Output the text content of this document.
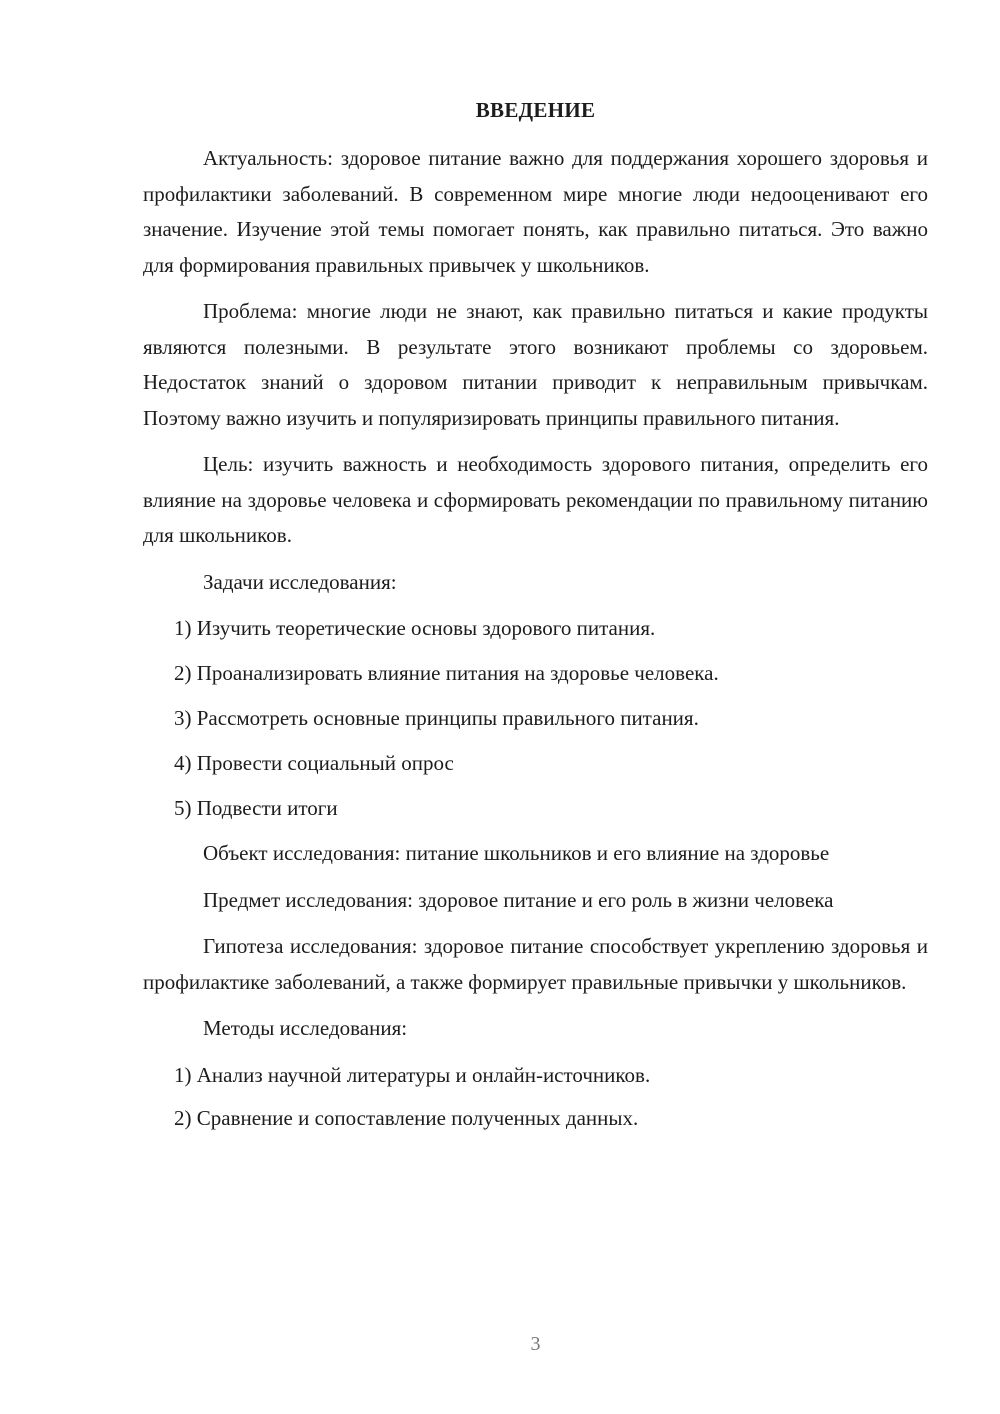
ВВЕДЕНИЕ

Актуальность: здоровое питание важно для поддержания хорошего здоровья и профилактики заболеваний. В современном мире многие люди недооценивают его значение. Изучение этой темы помогает понять, как правильно питаться. Это важно для формирования правильных привычек у школьников.

Проблема: многие люди не знают, как правильно питаться и какие продукты являются полезными. В результате этого возникают проблемы со здоровьем. Недостаток знаний о здоровом питании приводит к неправильным привычкам. Поэтому важно изучить и популяризировать принципы правильного питания.

Цель: изучить важность и необходимость здорового питания, определить его влияние на здоровье человека и сформировать рекомендации по правильному питанию для школьников.

Задачи исследования:

1) Изучить теоретические основы здорового питания.
2) Проанализировать влияние питания на здоровье человека.
3) Рассмотреть основные принципы правильного питания.
4) Провести социальный опрос
5) Подвести итоги

Объект исследования: питание школьников и его влияние на здоровье

Предмет исследования: здоровое питание и его роль в жизни человека

Гипотеза исследования: здоровое питание способствует укреплению здоровья и профилактике заболеваний, а также формирует правильные привычки у школьников.

Методы исследования:

1) Анализ научной литературы и онлайн-источников.
2) Сравнение и сопоставление полученных данных.
3
